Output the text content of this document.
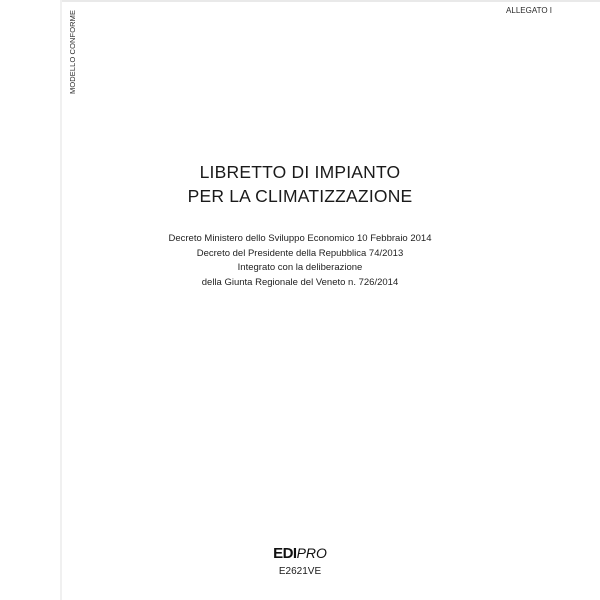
MODELLO CONFORME	ALLEGATO I
LIBRETTO DI IMPIANTO
PER LA CLIMATIZZAZIONE
Decreto Ministero dello Sviluppo Economico 10 Febbraio 2014
Decreto del Presidente della Repubblica 74/2013
Integrato con la deliberazione
della Giunta Regionale del Veneto n. 726/2014
EDIPRO
E2621VE
